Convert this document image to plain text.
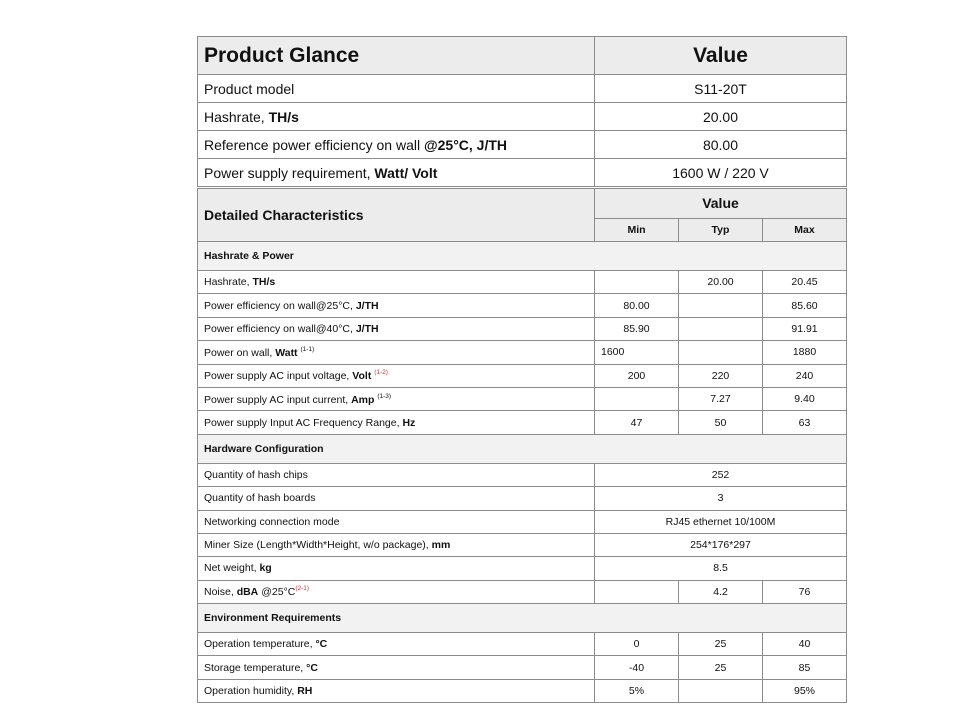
Product Glance	Value
Product model	S11-20T
Hashrate, TH/s	20.00
Reference power efficiency on wall @25°C, J/TH	80.00
Power supply requirement, Watt/ Volt	1600 W / 220 V
Detailed Characteristics	Value		
	Min	Typ	Max
Hashrate & Power			
Hashrate, TH/s		20.00	20.45
Power efficiency on wall@25°C, J/TH	80.00		85.60
Power efficiency on wall@40°C, J/TH	85.90		91.91
Power on wall, Watt $^{(1-1)}$	1600		1880
Power supply AC input voltage, Volt $^{(1-2)}$	200	220	240
Power supply AC input current, Amp $^{(1-3)}$		7.27	9.40
Power supply Input AC Frequency Range, Hz	47	50	63
Hardware Configuration			
Quantity of hash chips	252		
Quantity of hash boards	3		
Networking connection mode	RJ45 ethernet 10/100M		
Miner Size (Length*Width*Height, w/o package), mm	254*176*297		
Net weight, kg	8.5		
Noise, dBA $@25^\circ C^{(2-1)}$		4.2	76
Environment Requirements			
Operation temperature, °C	0	25	40
Storage temperature, °C	-40	25	85
Operation humidity, RH	5%		95%
